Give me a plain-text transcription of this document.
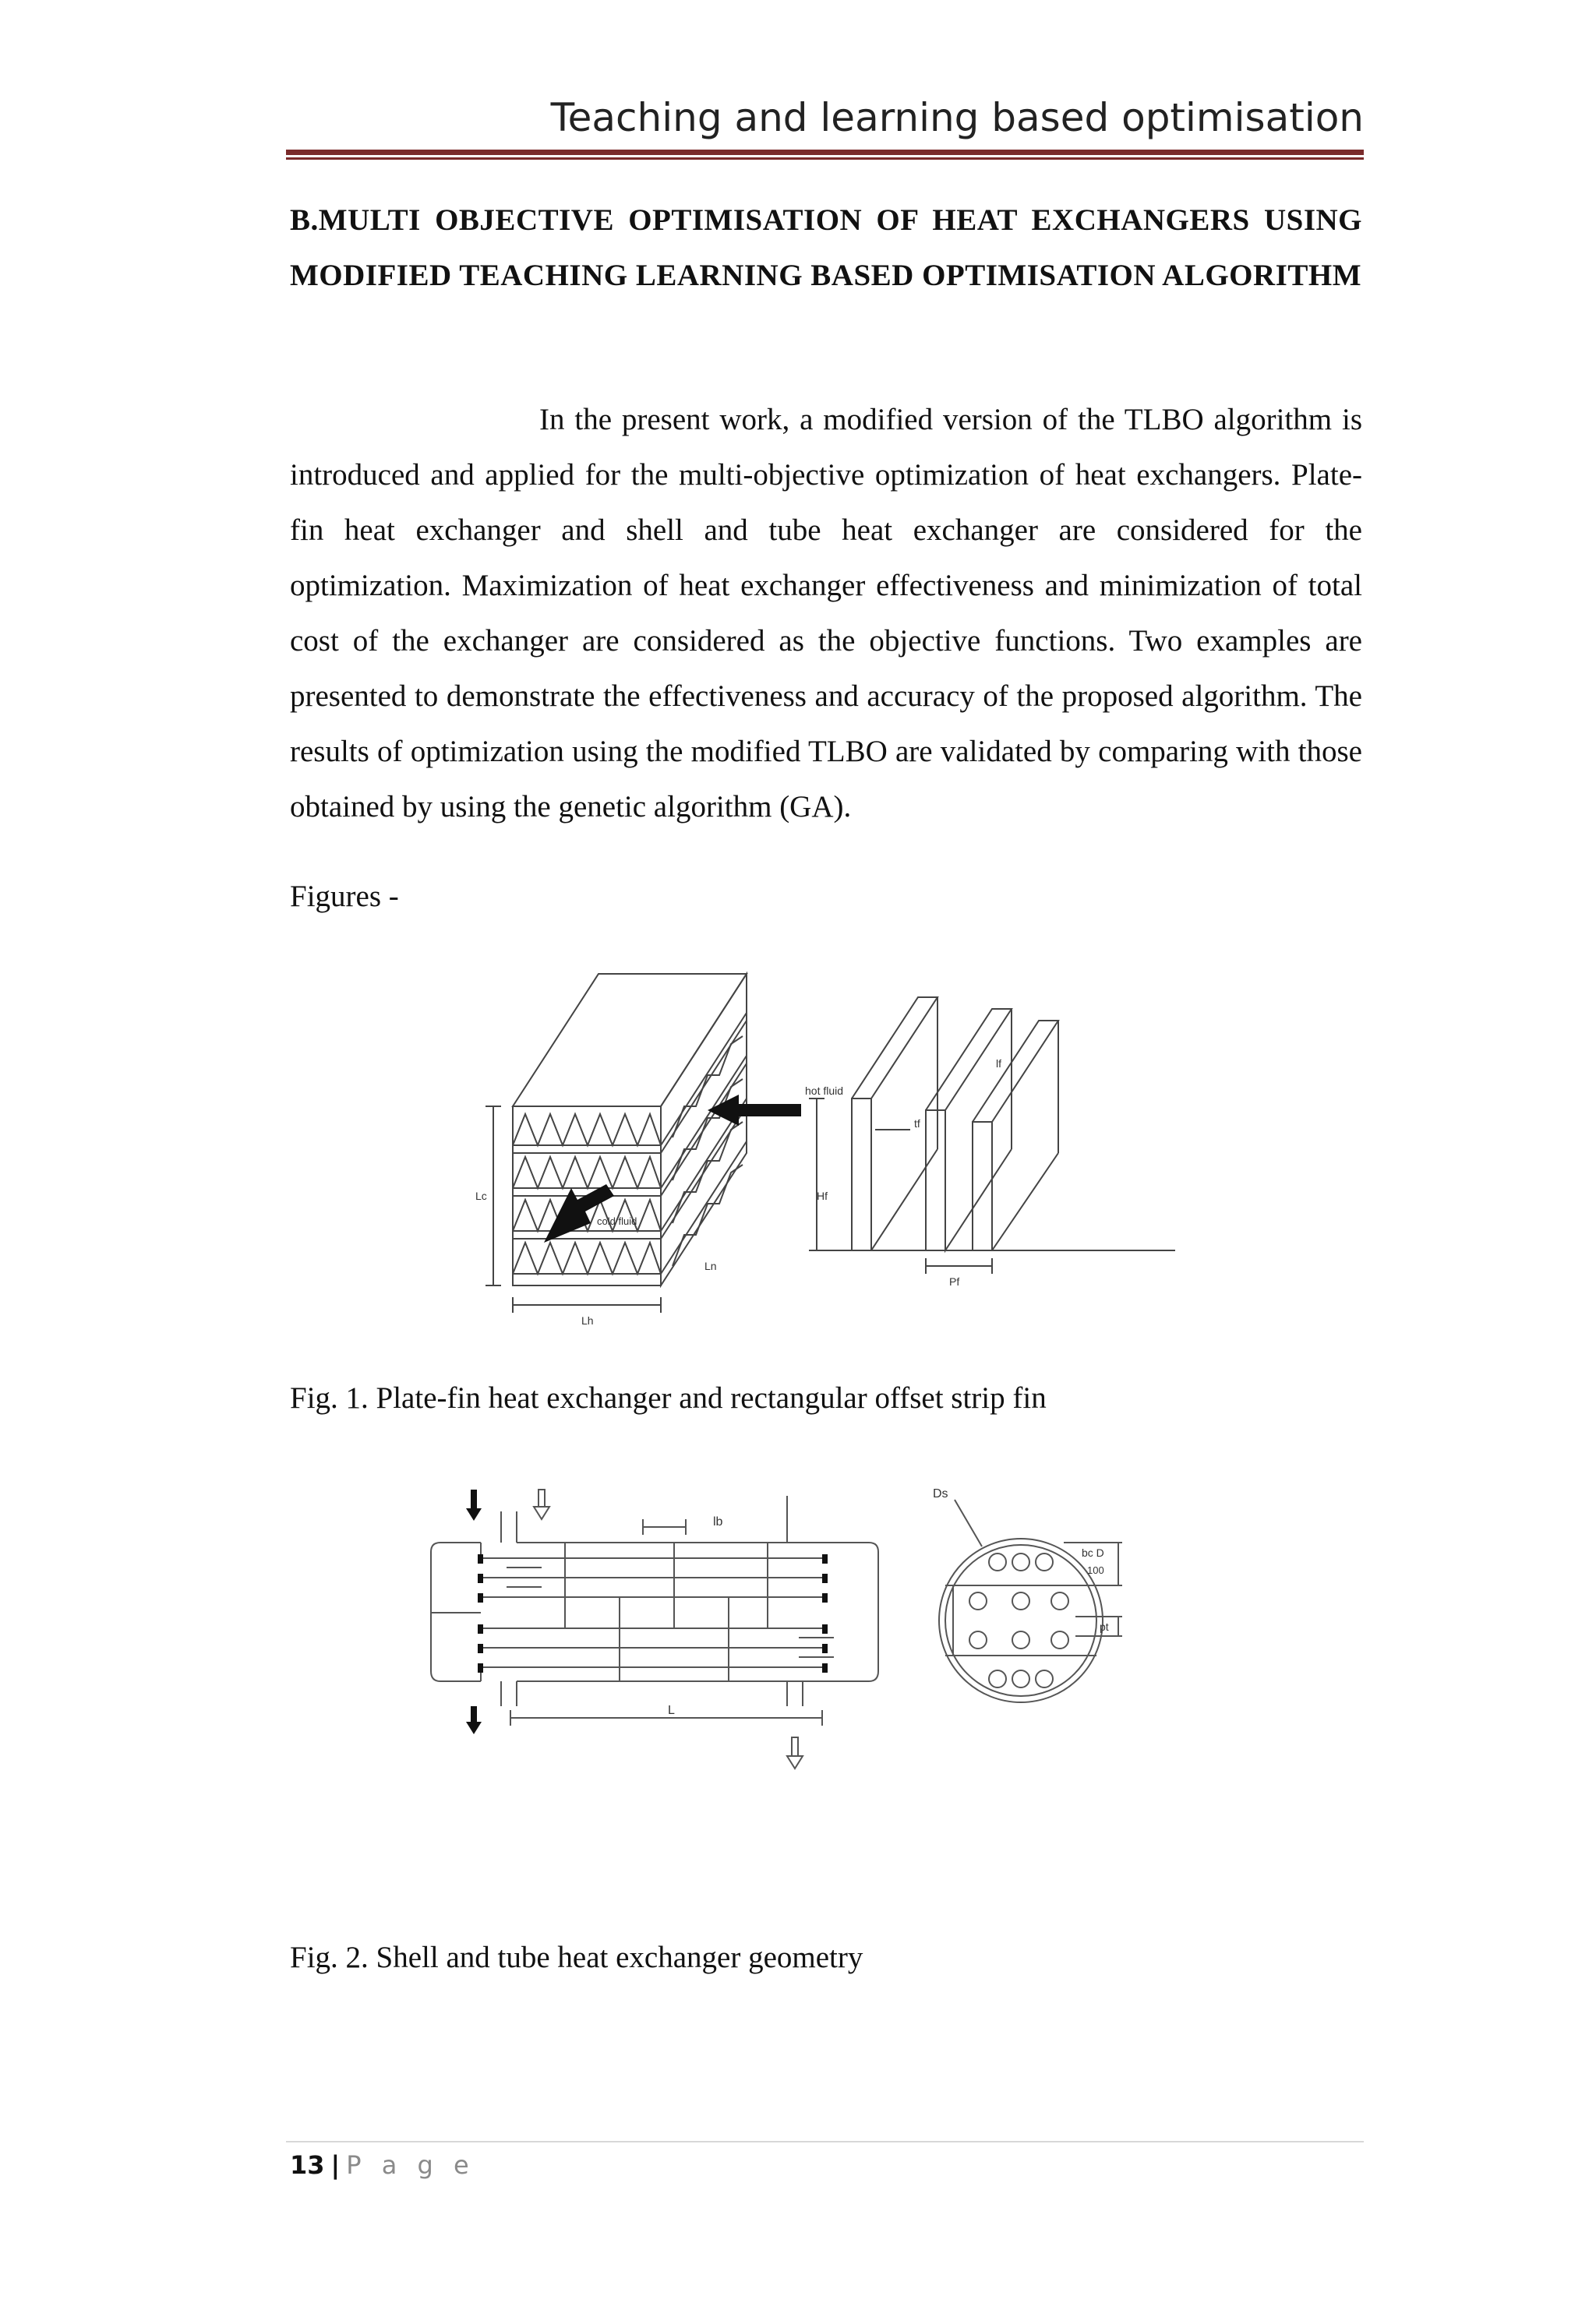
Teaching and learning based optimisation

B.MULTI OBJECTIVE OPTIMISATION OF HEAT EXCHANGERS USING MODIFIED TEACHING LEARNING BASED OPTIMISATION ALGORITHM

In the present work, a modified version of the TLBO algorithm is introduced and applied for the multi-objective optimization of heat exchangers. Plate-fin heat exchanger and shell and tube heat exchanger are considered for the optimization. Maximization of heat exchanger effectiveness and minimization of total cost of the exchanger are considered as the objective functions. Two examples are presented to demonstrate the effectiveness and accuracy of the proposed algorithm. The results of optimization using the modified TLBO are validated by comparing with those obtained by using the genetic algorithm (GA).

Figures -

hot fluid
cold fluid
Lc
Lh
Ln
Hf
lf
tf
Pf

Fig. 1. Plate-fin heat exchanger and rectangular offset strip fin

lb
L
Ds
bc D
100
pt

Fig. 2. Shell and tube heat exchanger geometry

13 | P a g e
